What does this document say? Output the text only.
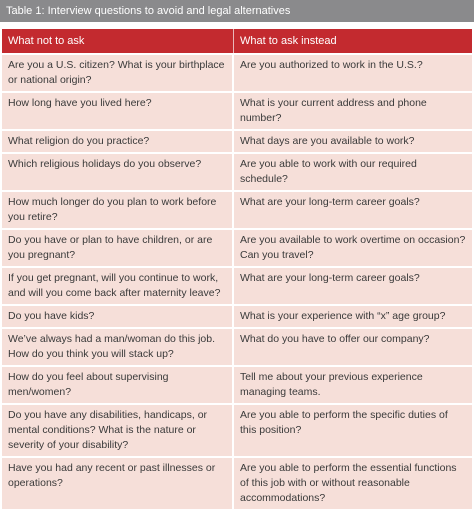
Table 1: Interview questions to avoid and legal alternatives
What not to ask	What to ask instead
Are you a U.S. citizen? What is your birthplace or national origin?	Are you authorized to work in the U.S.?
How long have you lived here?	What is your current address and phone number?
What religion do you practice?	What days are you available to work?
Which religious holidays do you observe?	Are you able to work with our required schedule?
How much longer do you plan to work before you retire?	What are your long-term career goals?
Do you have or plan to have children, or are you pregnant?	Are you available to work overtime on occasion? Can you travel?
If you get pregnant, will you continue to work, and will you come back after maternity leave?	What are your long-term career goals?
Do you have kids?	What is your experience with “x” age group?
We’ve always had a man/woman do this job. How do you think you will stack up?	What do you have to offer our company?
How do you feel about supervising men/women?	Tell me about your previous experience managing teams.
Do you have any disabilities, handicaps, or mental conditions? What is the nature or severity of your disability?	Are you able to perform the specific duties of this position?
Have you had any recent or past illnesses or operations?	Are you able to perform the essential functions of this job with or without reasonable accommodations?
